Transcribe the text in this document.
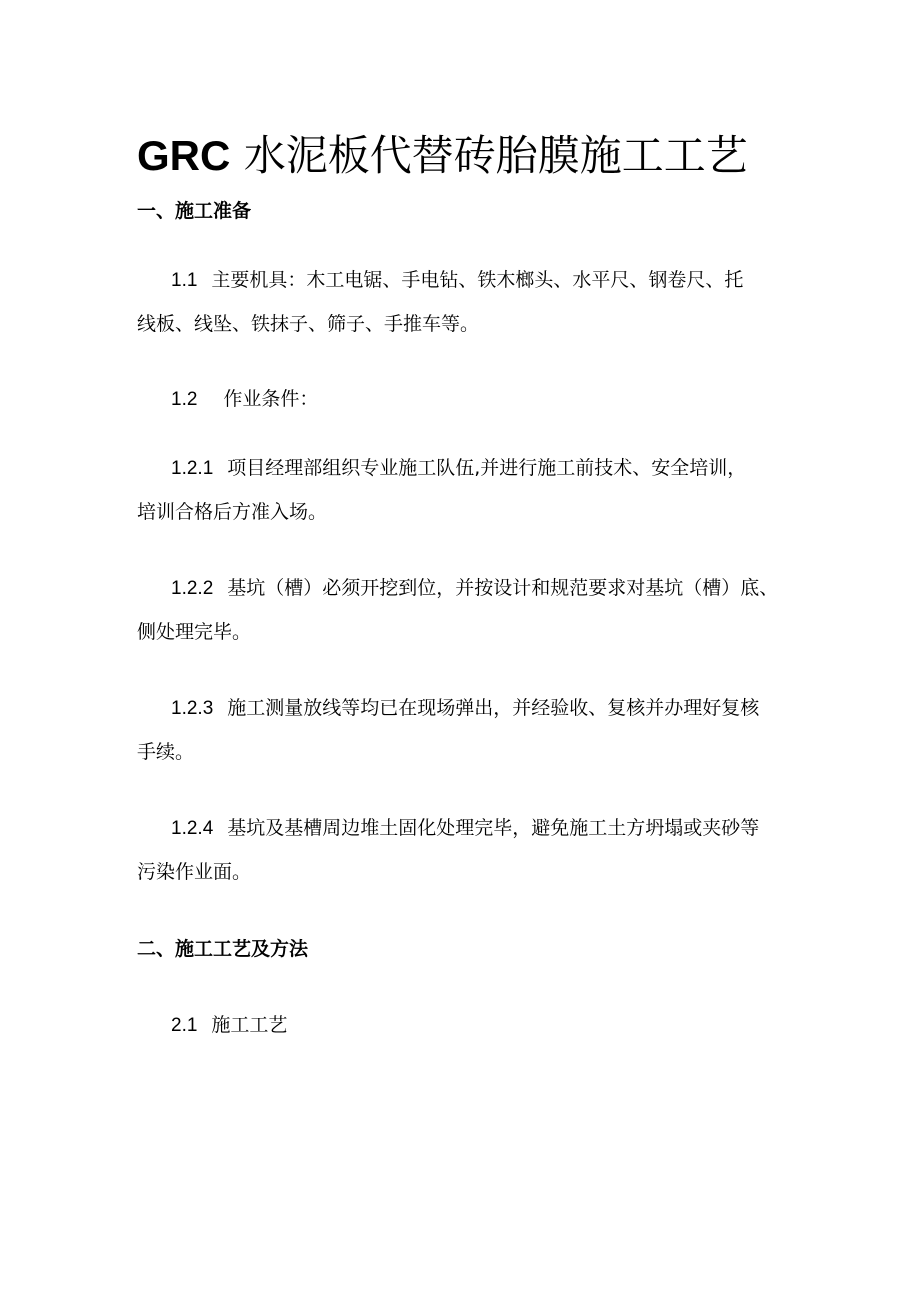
GRC 水泥板代替砖胎膜施工工艺
一、施工准备
1.1 主要机具：木工电锯、手电钻、铁木榔头、水平尺、钢卷尺、托
线板、线坠、铁抹子、筛子、手推车等。
1.2 作业条件：
1.2.1 项目经理部组织专业施工队伍,并进行施工前技术、安全培训，
培训合格后方准入场。
1.2.2 基坑（槽）必须开挖到位，并按设计和规范要求对基坑（槽）底、
侧处理完毕。
1.2.3 施工测量放线等均已在现场弹出，并经验收、复核并办理好复核
手续。
1.2.4 基坑及基槽周边堆土固化处理完毕，避免施工土方坍塌或夹砂等
污染作业面。
二、施工工艺及方法
2.1 施工工艺
